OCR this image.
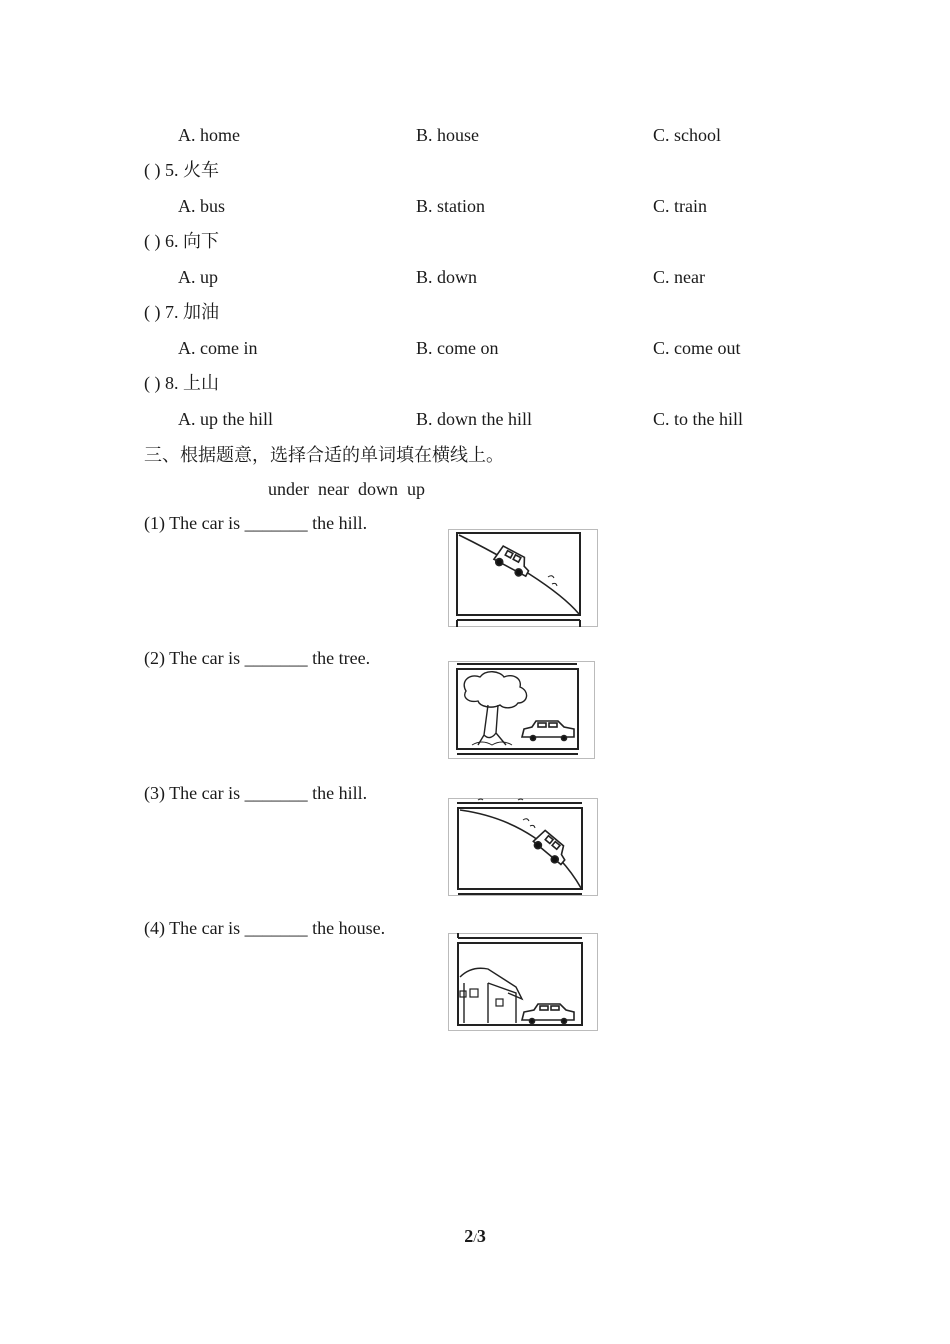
A. home	B. house	C. school
( ) 5. 火车
A. bus	B. station	C. train
( ) 6. 向下
A. up	B. down	C. near
( ) 7. 加油
A. come in	B. come on	C. come out
( ) 8. 上山
A. up the hill	B. down the hill	C. to the hill
三、根据题意，选择合适的单词填在横线上。
under  near  down  up
(1) The car is _______ the hill.
(2) The car is _______ the tree.
(3) The car is _______ the hill.
(4) The car is _______ the house.
2/3
